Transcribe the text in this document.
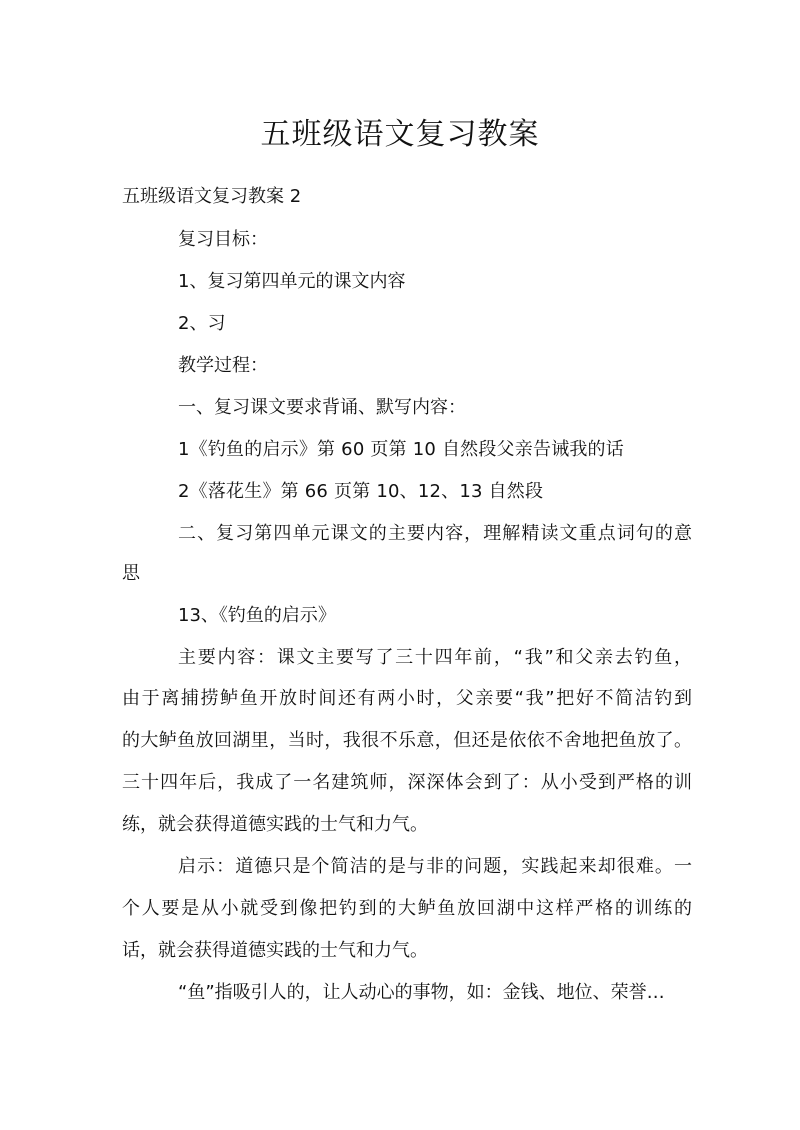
五班级语文复习教案
五班级语文复习教案 2
复习目标：
1、复习第四单元的课文内容
2、习
教学过程：
一、复习课文要求背诵、默写内容：
1《钓鱼的启示》第 60 页第 10 自然段父亲告诫我的话
2《落花生》第 66 页第 10、12、13 自然段
二、复习第四单元课文的主要内容，理解精读文重点词句的意
思
13、《钓鱼的启示》
主要内容：课文主要写了三十四年前，“我”和父亲去钓鱼，
由于离捕捞鲈鱼开放时间还有两小时，父亲要“我”把好不简洁钓到
的大鲈鱼放回湖里，当时，我很不乐意，但还是依依不舍地把鱼放了。
三十四年后，我成了一名建筑师，深深体会到了：从小受到严格的训
练，就会获得道德实践的士气和力气。
启示：道德只是个简洁的是与非的问题，实践起来却很难。一
个人要是从小就受到像把钓到的大鲈鱼放回湖中这样严格的训练的
话，就会获得道德实践的士气和力气。
“鱼”指吸引人的，让人动心的事物，如：金钱、地位、荣誉…
